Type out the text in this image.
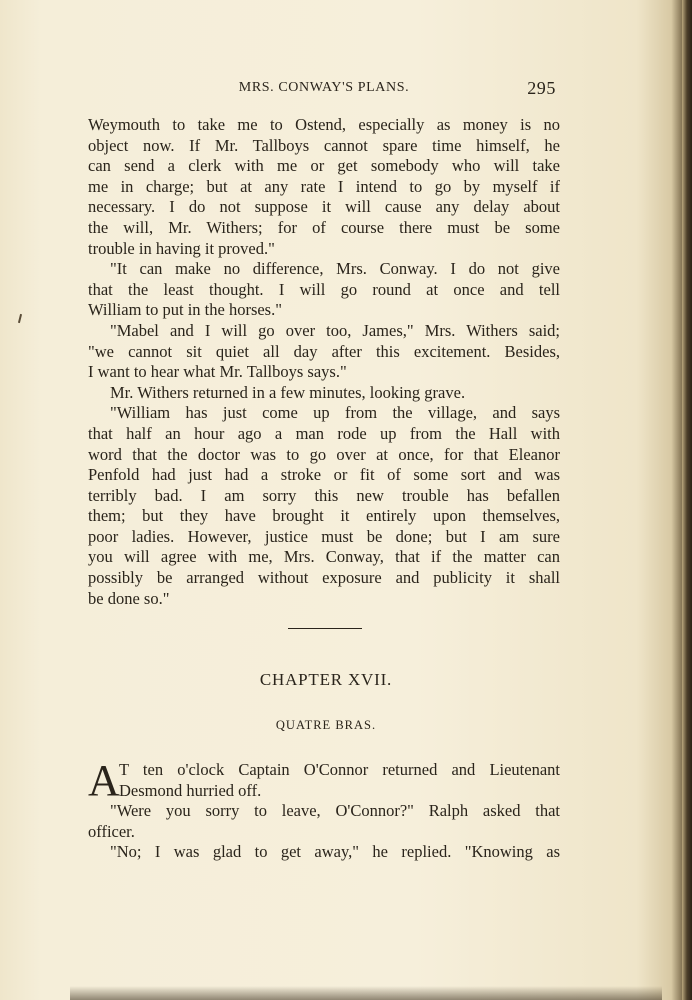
MRS. CONWAY'S PLANS.	295
Weymouth to take me to Ostend, especially as money is no
object now. If Mr. Tallboys cannot spare time himself, he
can send a clerk with me or get somebody who will take
me in charge; but at any rate I intend to go by myself if
necessary. I do not suppose it will cause any delay about
the will, Mr. Withers; for of course there must be some
trouble in having it proved."
"It can make no difference, Mrs. Conway. I do not give
that the least thought. I will go round at once and tell
William to put in the horses."
"Mabel and I will go over too, James," Mrs. Withers said;
"we cannot sit quiet all day after this excitement. Besides,
I want to hear what Mr. Tallboys says."
Mr. Withers returned in a few minutes, looking grave.
"William has just come up from the village, and says
that half an hour ago a man rode up from the Hall with
word that the doctor was to go over at once, for that Eleanor
Penfold had just had a stroke or fit of some sort and was
terribly bad. I am sorry this new trouble has befallen
them; but they have brought it entirely upon themselves,
poor ladies. However, justice must be done; but I am sure
you will agree with me, Mrs. Conway, that if the matter can
possibly be arranged without exposure and publicity it shall
be done so."
CHAPTER XVII.
QUATRE BRAS.
A T ten o'clock Captain O'Connor returned and Lieutenant
Desmond hurried off.
"Were you sorry to leave, O'Connor?" Ralph asked that
officer.
"No; I was glad to get away," he replied. "Knowing as
